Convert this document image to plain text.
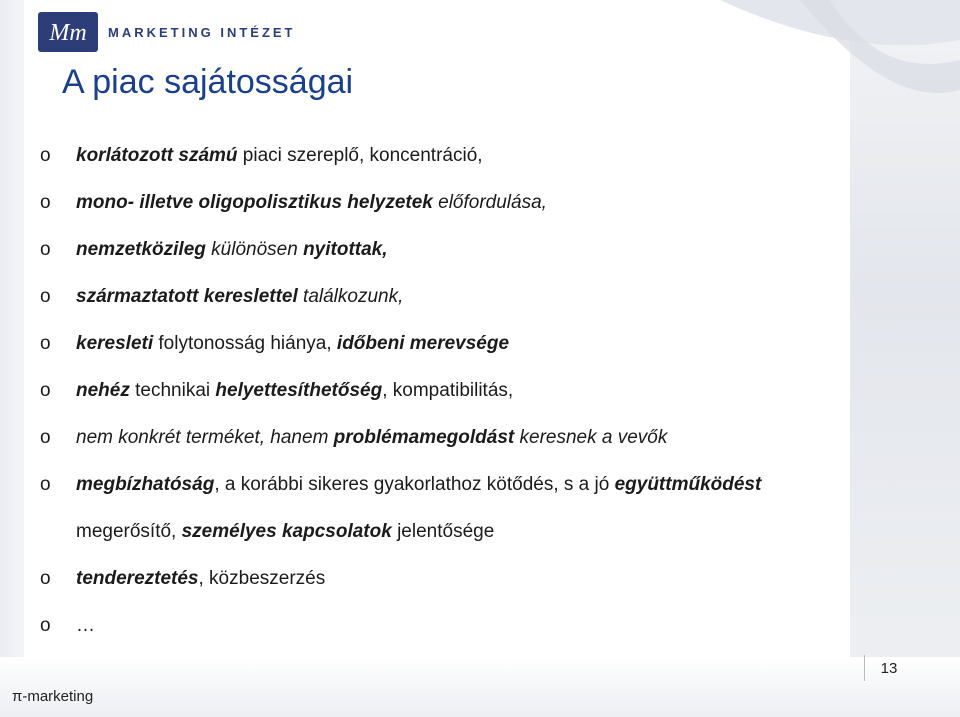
Mm MARKETING INTÉZET
A piac sajátosságai
o	korlátozott számú piaci szereplő, koncentráció,
o	mono- illetve oligopolisztikus helyzetek előfordulása,
o	nemzetközileg különösen nyitottak,
o	származtatott kereslettel találkozunk,
o	keresleti folytonosság hiánya, időbeni merevsége
o	nehéz technikai helyettesíthetőség, kompatibilitás,
o	nem konkrét terméket, hanem problémamegoldást keresnek a vevők
o	megbízhatóság, a korábbi sikeres gyakorlathoz kötődés, s a jó együttműködést
megerősítő, személyes kapcsolatok jelentősége
o	tendereztetés, közbeszerzés
o	…
π-marketing
13
